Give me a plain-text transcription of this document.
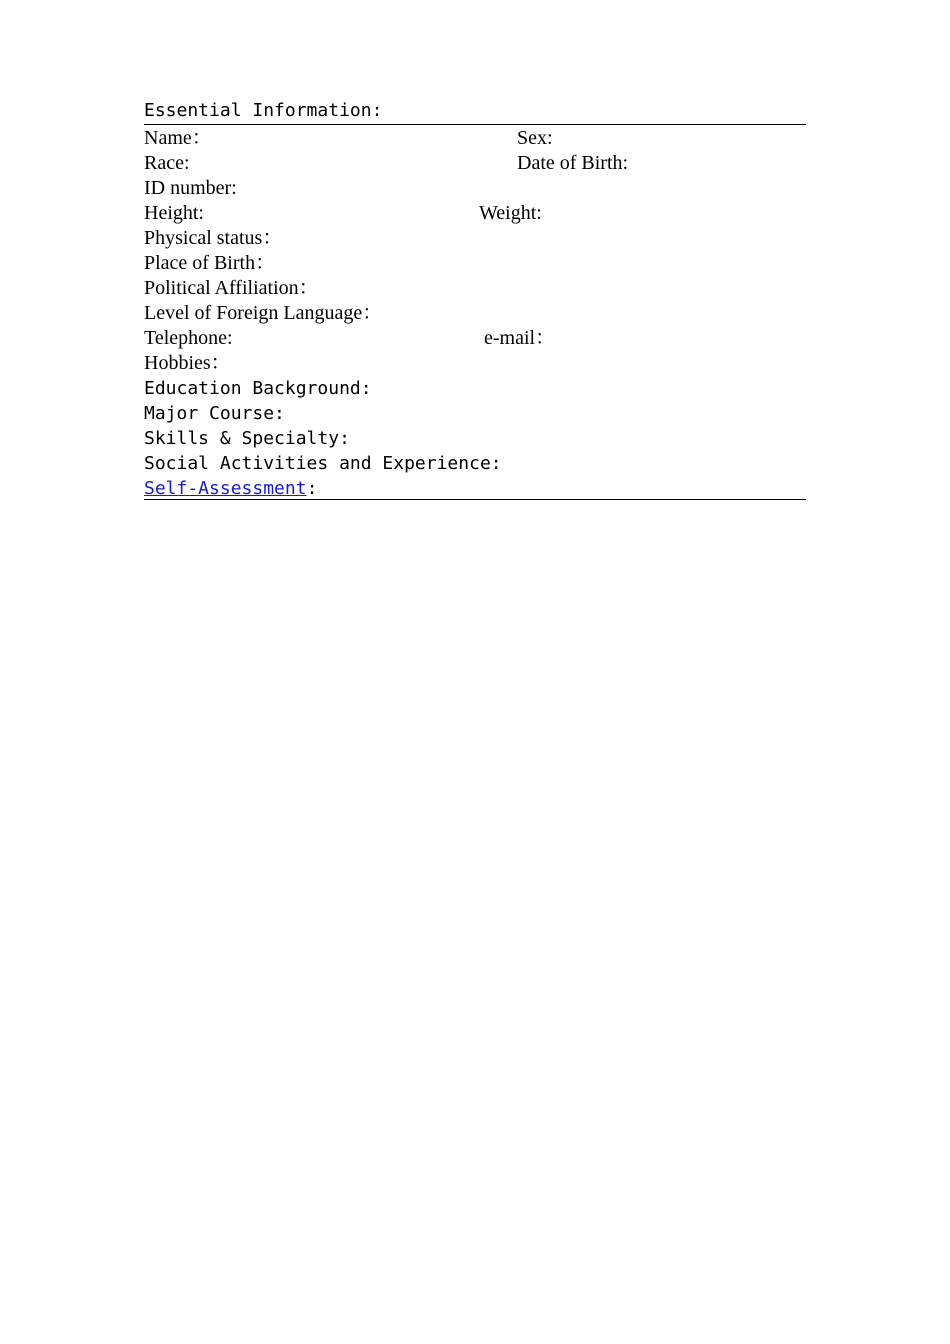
Essential Information:
Name：	Sex:
Race:	Date of Birth:
ID number:
Height:	Weight:
Physical status：
Place of Birth：
Political Affiliation：
Level of Foreign Language：
Telephone:	e-mail：
Hobbies：
Education Background:
Major Course:
Skills & Specialty:
Social Activities and Experience:
Self-Assessment:
